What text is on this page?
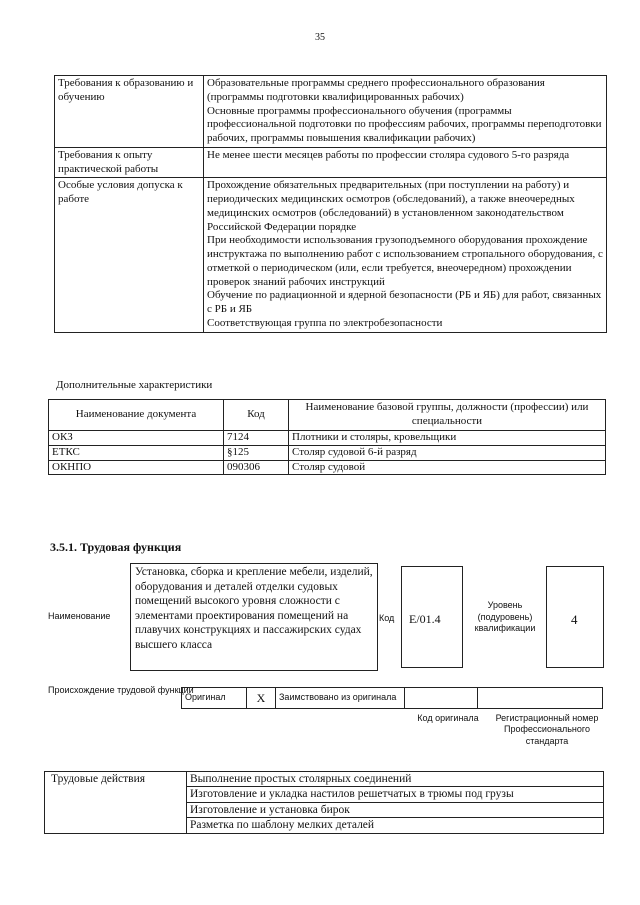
35
Требования к образованию и обучению	Образовательные программы среднего профессионального образования (программы подготовки квалифицированных рабочих)
Основные программы профессионального обучения (программы профессиональной подготовки по профессиям рабочих, программы переподготовки рабочих, программы повышения квалификации рабочих)

Требования к опыту практической работы	Не менее шести месяцев работы по профессии столяра судового 5-го разряда

Особые условия допуска к работе	Прохождение обязательных предварительных (при поступлении на работу) и периодических медицинских осмотров (обследований), а также внеочередных медицинских осмотров (обследований) в установленном законодательством Российской Федерации порядке
При необходимости использования грузоподъемного оборудования прохождение инструктажа по выполнению работ с использованием стропального оборудования, с отметкой о периодическом (или, если требуется, внеочередном) прохождении проверок знаний рабочих инструкций
Обучение по радиационной и ядерной безопасности (РБ и ЯБ) для работ, связанных с РБ и ЯБ
Соответствующая группа по электробезопасности
Дополнительные характеристики
Наименование документа	Код	Наименование базовой группы, должности (профессии) или специальности
ОКЗ	7124	Плотники и столяры, кровельщики
ЕТКС	§125	Столяр судовой 6-й разряд
ОКНПО	090306	Столяр судовой
3.5.1. Трудовая функция
Наименование
Установка, сборка и крепление мебели, изделий, оборудования и деталей отделки судовых помещений высокого уровня сложности с элементами проектирования помещений на плавучих конструкциях и пассажирских судах высшего класса
Код E/01.4
Уровень (подуровень) квалификации
4
Происхождение трудовой функции
Оригинал	X	Заимствовано из оригинала		
Код оригинала	Регистрационный номер Профессионального стандарта
Трудовые действия	Выполнение простых столярных соединений
Изготовление и укладка настилов решетчатых в трюмы под грузы
Изготовление и установка бирок
Разметка по шаблону мелких деталей
